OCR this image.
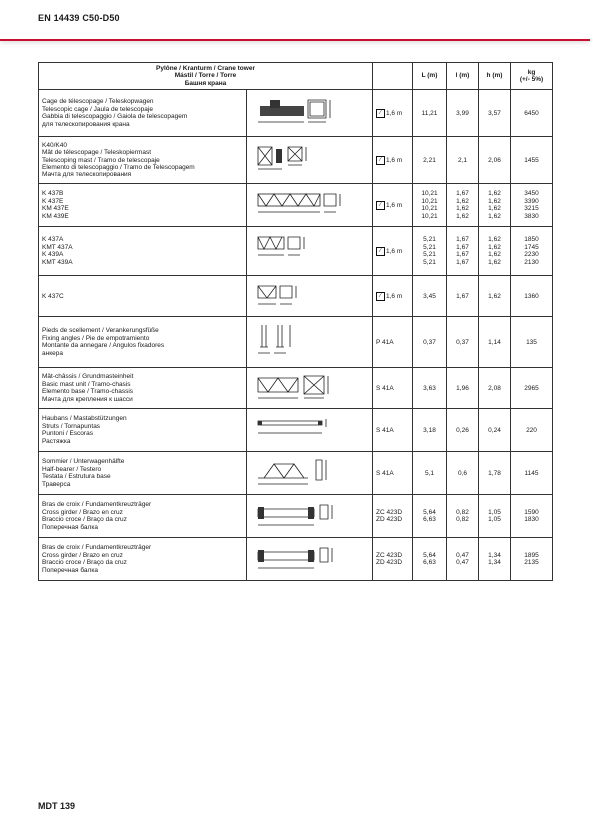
EN 14439 C50-D50
Pylône / Kranturm / Crane tower
Mástil / Torre / Torre
Башня крана			L (m)	l (m)	h (m)	kg
(+/- 5%)

Cage de télescopage / Teleskopwagen
Telescopic cage / Jaula de telescopaje
Gabbia di telescopaggio / Gaiola de telescopagem
для телескопирования крана		∕ 1,6 m	11,21	3,99	3,57	6450

K40/K40
Mât de télescopage / Teleskopiermast
Telescoping mast / Tramo de telescopaje
Elemento di telescopaggio / Tramo de Telescopagem
Мачта для телескопирования		∕ 1,6 m	2,21	2,1	2,06	1455

K 437B
K 437E
KM 437E
KM 439E		∕ 1,6 m	10,21
10,21
10,21
10,21	1,67
1,62
1,62
1,62	1,62
1,62
1,62
1,62	3450
3390
3215
3830

K 437A
KMT 437A
K 439A
KMT 439A		∕ 1,6 m	5,21
5,21
5,21
5,21	1,67
1,67
1,67
1,67	1,62
1,62
1,62
1,62	1850
1745
2230
2130

K 437C		∕ 1,6 m	3,45	1,67	1,62	1360

Pieds de scellement / Verankerungsfüße
Fixing angles / Pie de empotramiento
Montante da annegare / Angulos fixadores
анкера		P 41A	0,37	0,37	1,14	135

Mât-châssis / Grundmasteinheit
Basic mast unit / Tramo-chasis
Elemento base / Tramo-chassis
Мачта для крепления к шасси		S 41A	3,63	1,96	2,08	2965

Haubans / Mastabstützungen
Struts / Tornapuntas
Puntoni / Escoras
Растяжка		S 41A	3,18	0,26	0,24	220

Sommier / Unterwagenhälfte
Half-bearer / Testero
Testata / Estrutura base
Траверса		S 41A	5,1	0,6	1,78	1145

Bras de croix / Fundamentkreuzträger
Cross girder / Brazo en cruz
Braccio croce / Braço da cruz
Поперечная балка		ZC 423D
ZD 423D	5,64
6,63	0,82
0,82	1,05
1,05	1590
1830

Bras de croix / Fundamentkreuzträger
Cross girder / Brazo en cruz
Braccio croce / Braço da cruz
Поперечная балка		ZC 423D
ZD 423D	5,64
6,63	0,47
0,47	1,34
1,34	1895
2135
MDT 139
